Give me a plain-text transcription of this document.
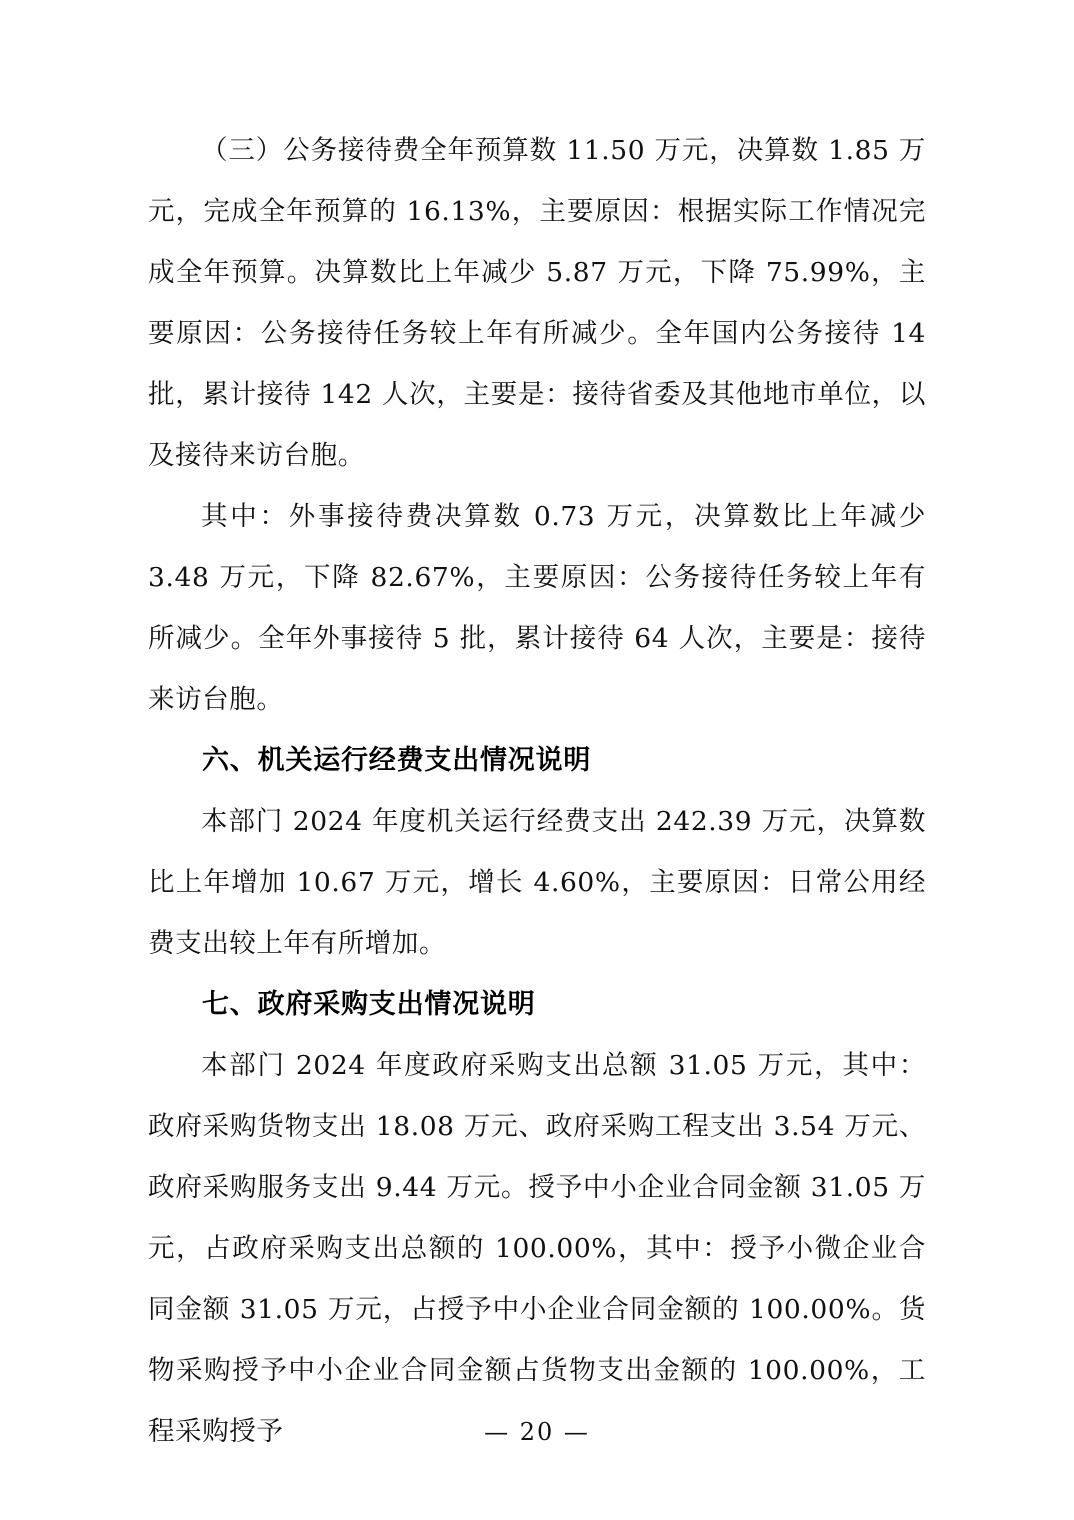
（三）公务接待费全年预算数 11.50 万元，决算数 1.85 万元，完成全年预算的 16.13%，主要原因：根据实际工作情况完成全年预算。决算数比上年减少 5.87 万元，下降 75.99%，主要原因：公务接待任务较上年有所减少。全年国内公务接待 14 批，累计接待 142 人次，主要是：接待省委及其他地市单位，以及接待来访台胞。

其中：外事接待费决算数 0.73 万元，决算数比上年减少 3.48 万元，下降 82.67%，主要原因：公务接待任务较上年有所减少。全年外事接待 5 批，累计接待 64 人次，主要是：接待来访台胞。

六、机关运行经费支出情况说明

本部门 2024 年度机关运行经费支出 242.39 万元，决算数比上年增加 10.67 万元，增长 4.60%，主要原因：日常公用经费支出较上年有所增加。

七、政府采购支出情况说明

本部门 2024 年度政府采购支出总额 31.05 万元，其中：政府采购货物支出 18.08 万元、政府采购工程支出 3.54 万元、政府采购服务支出 9.44 万元。授予中小企业合同金额 31.05 万元，占政府采购支出总额的 100.00%，其中：授予小微企业合同金额 31.05 万元，占授予中小企业合同金额的 100.00%。货物采购授予中小企业合同金额占货物支出金额的 100.00%，工程采购授予	— 20 —
